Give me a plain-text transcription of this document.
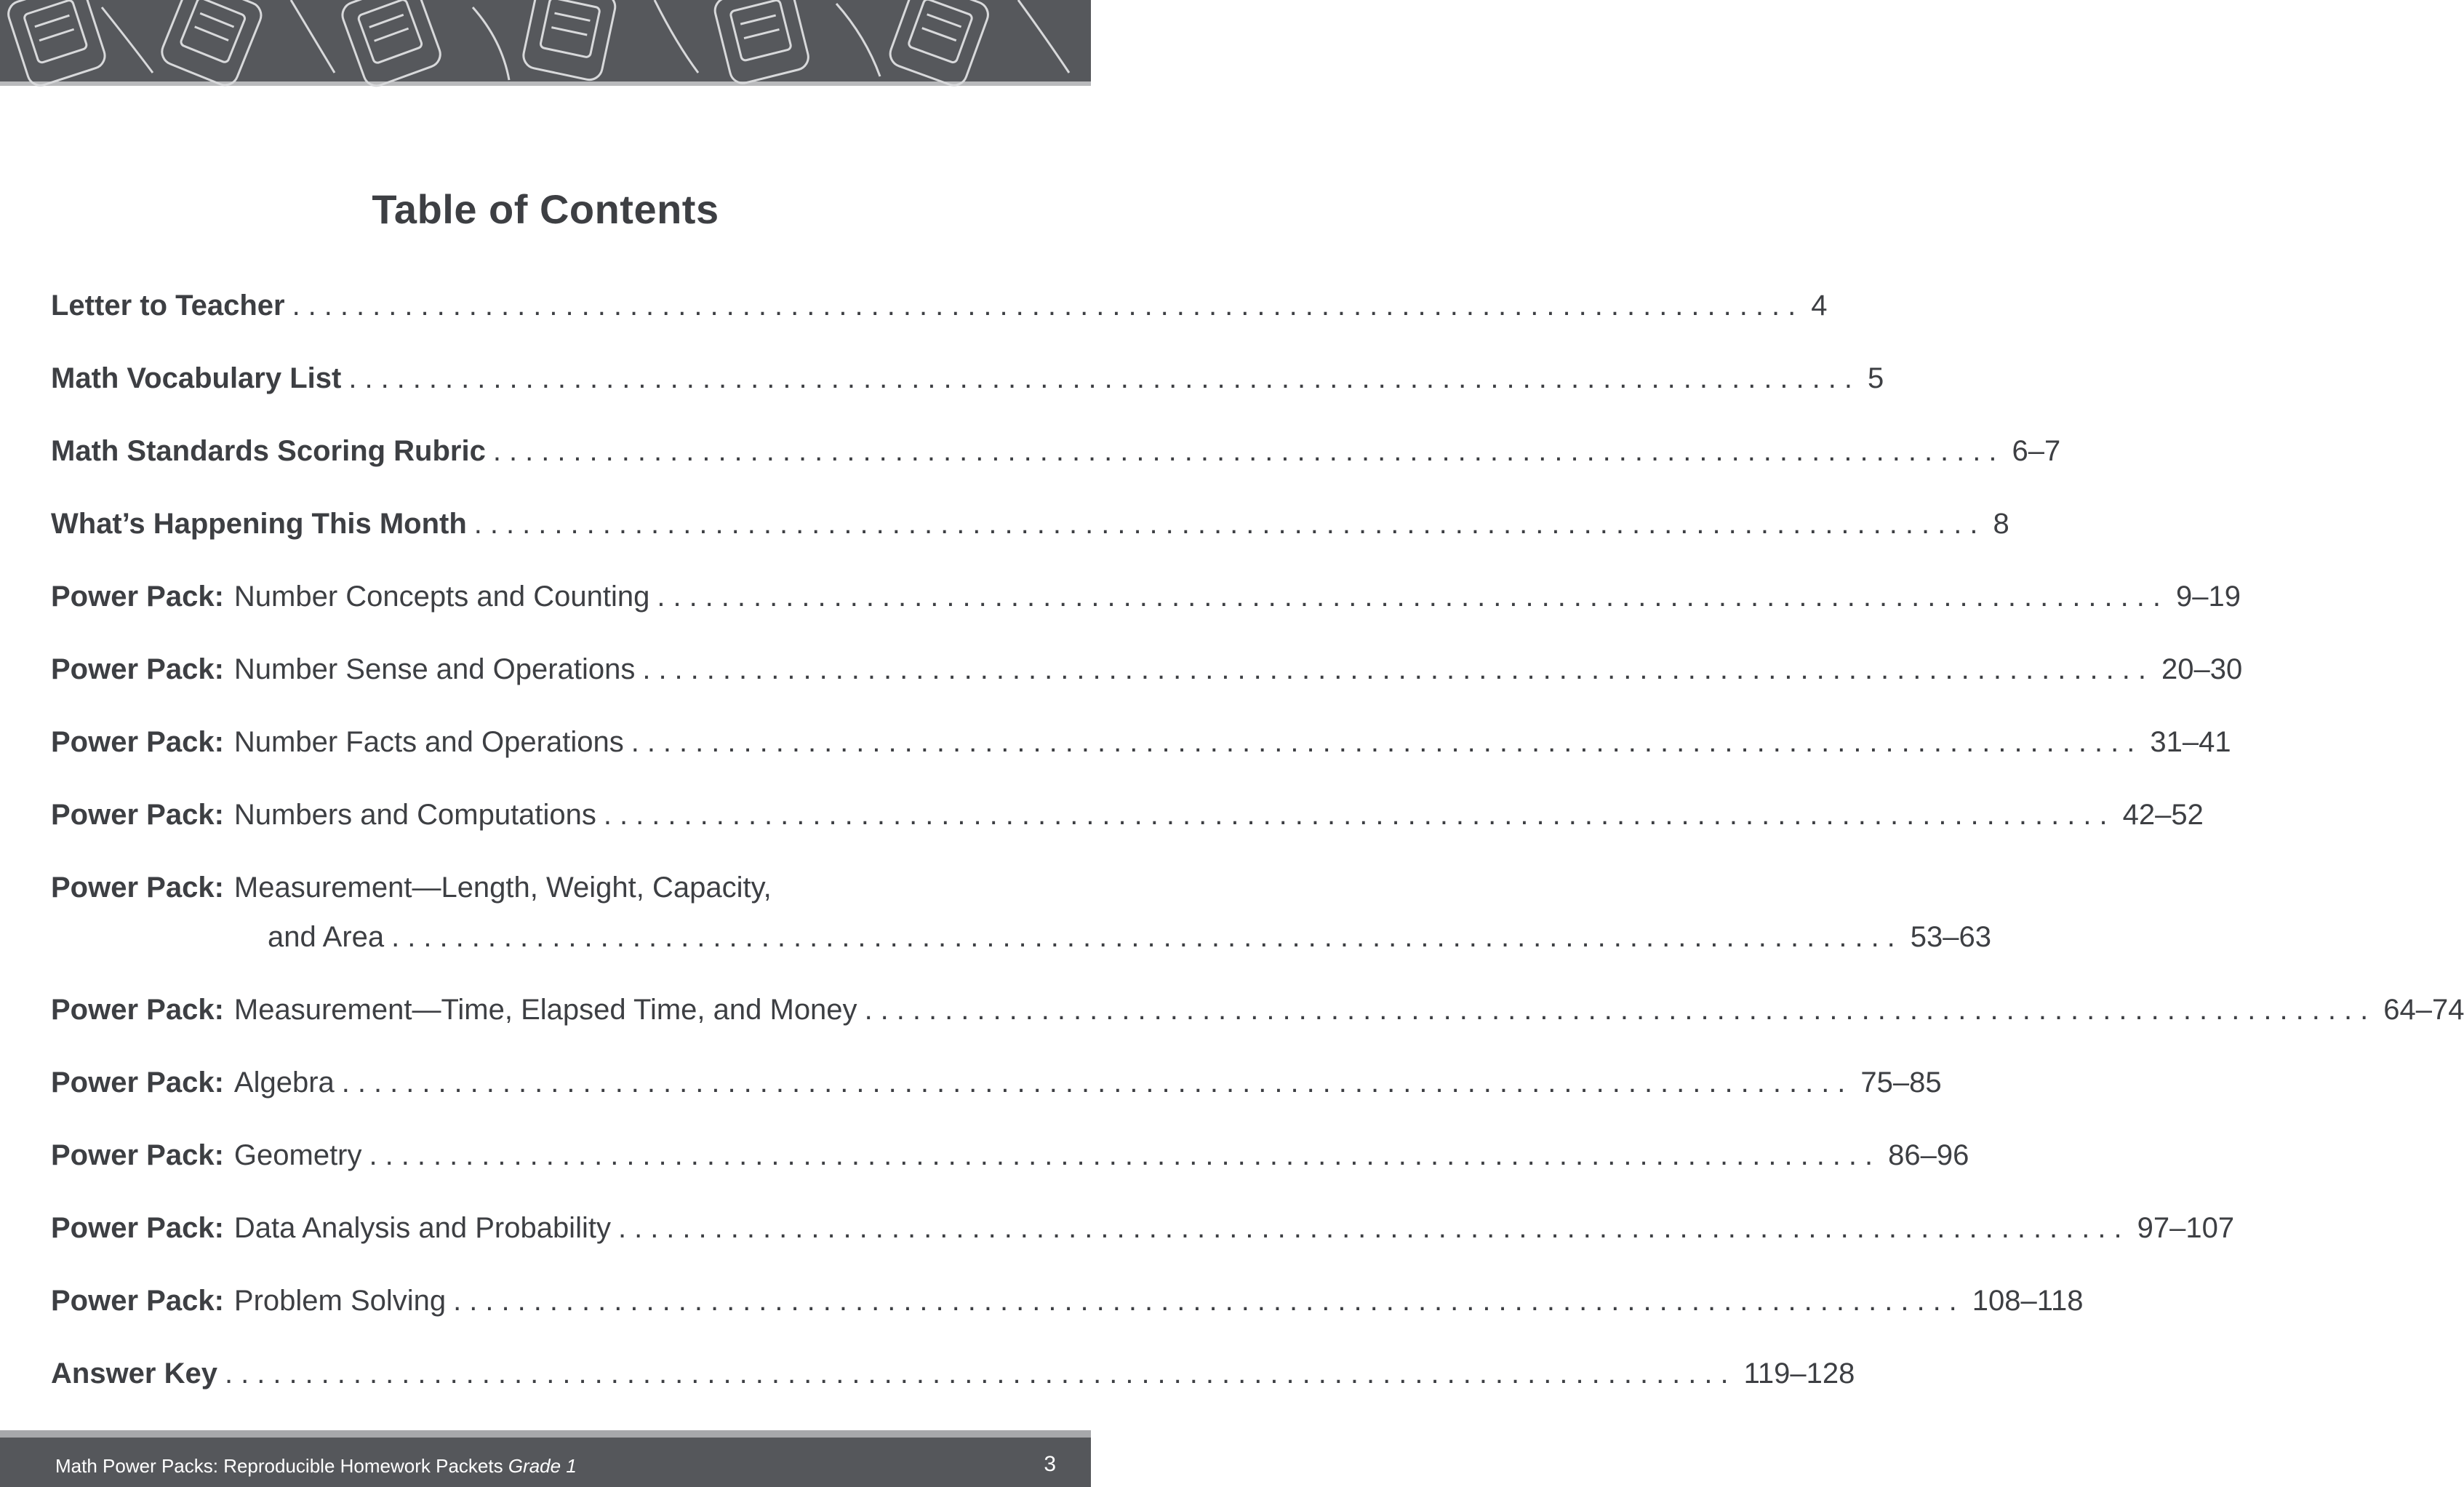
Table of Contents
Letter to Teacher .............................................................................................. 4
Math Vocabulary List .............................................................................................. 5
Math Standards Scoring Rubric .............................................................................................. 6–7
What’s Happening This Month .............................................................................................. 8
Power Pack: Number Concepts and Counting .............................................................................................. 9–19
Power Pack: Number Sense and Operations .............................................................................................. 20–30
Power Pack: Number Facts and Operations .............................................................................................. 31–41
Power Pack: Numbers and Computations .............................................................................................. 42–52
Power Pack: Measurement—Length, Weight, Capacity,
and Area .............................................................................................. 53–63
Power Pack: Measurement—Time, Elapsed Time, and Money .............................................................................................. 64–74
Power Pack: Algebra .............................................................................................. 75–85
Power Pack: Geometry .............................................................................................. 86–96
Power Pack: Data Analysis and Probability .............................................................................................. 97–107
Power Pack: Problem Solving .............................................................................................. 108–118
Answer Key .............................................................................................. 119–128
Math Power Packs: Reproducible Homework Packets Grade 1	3
